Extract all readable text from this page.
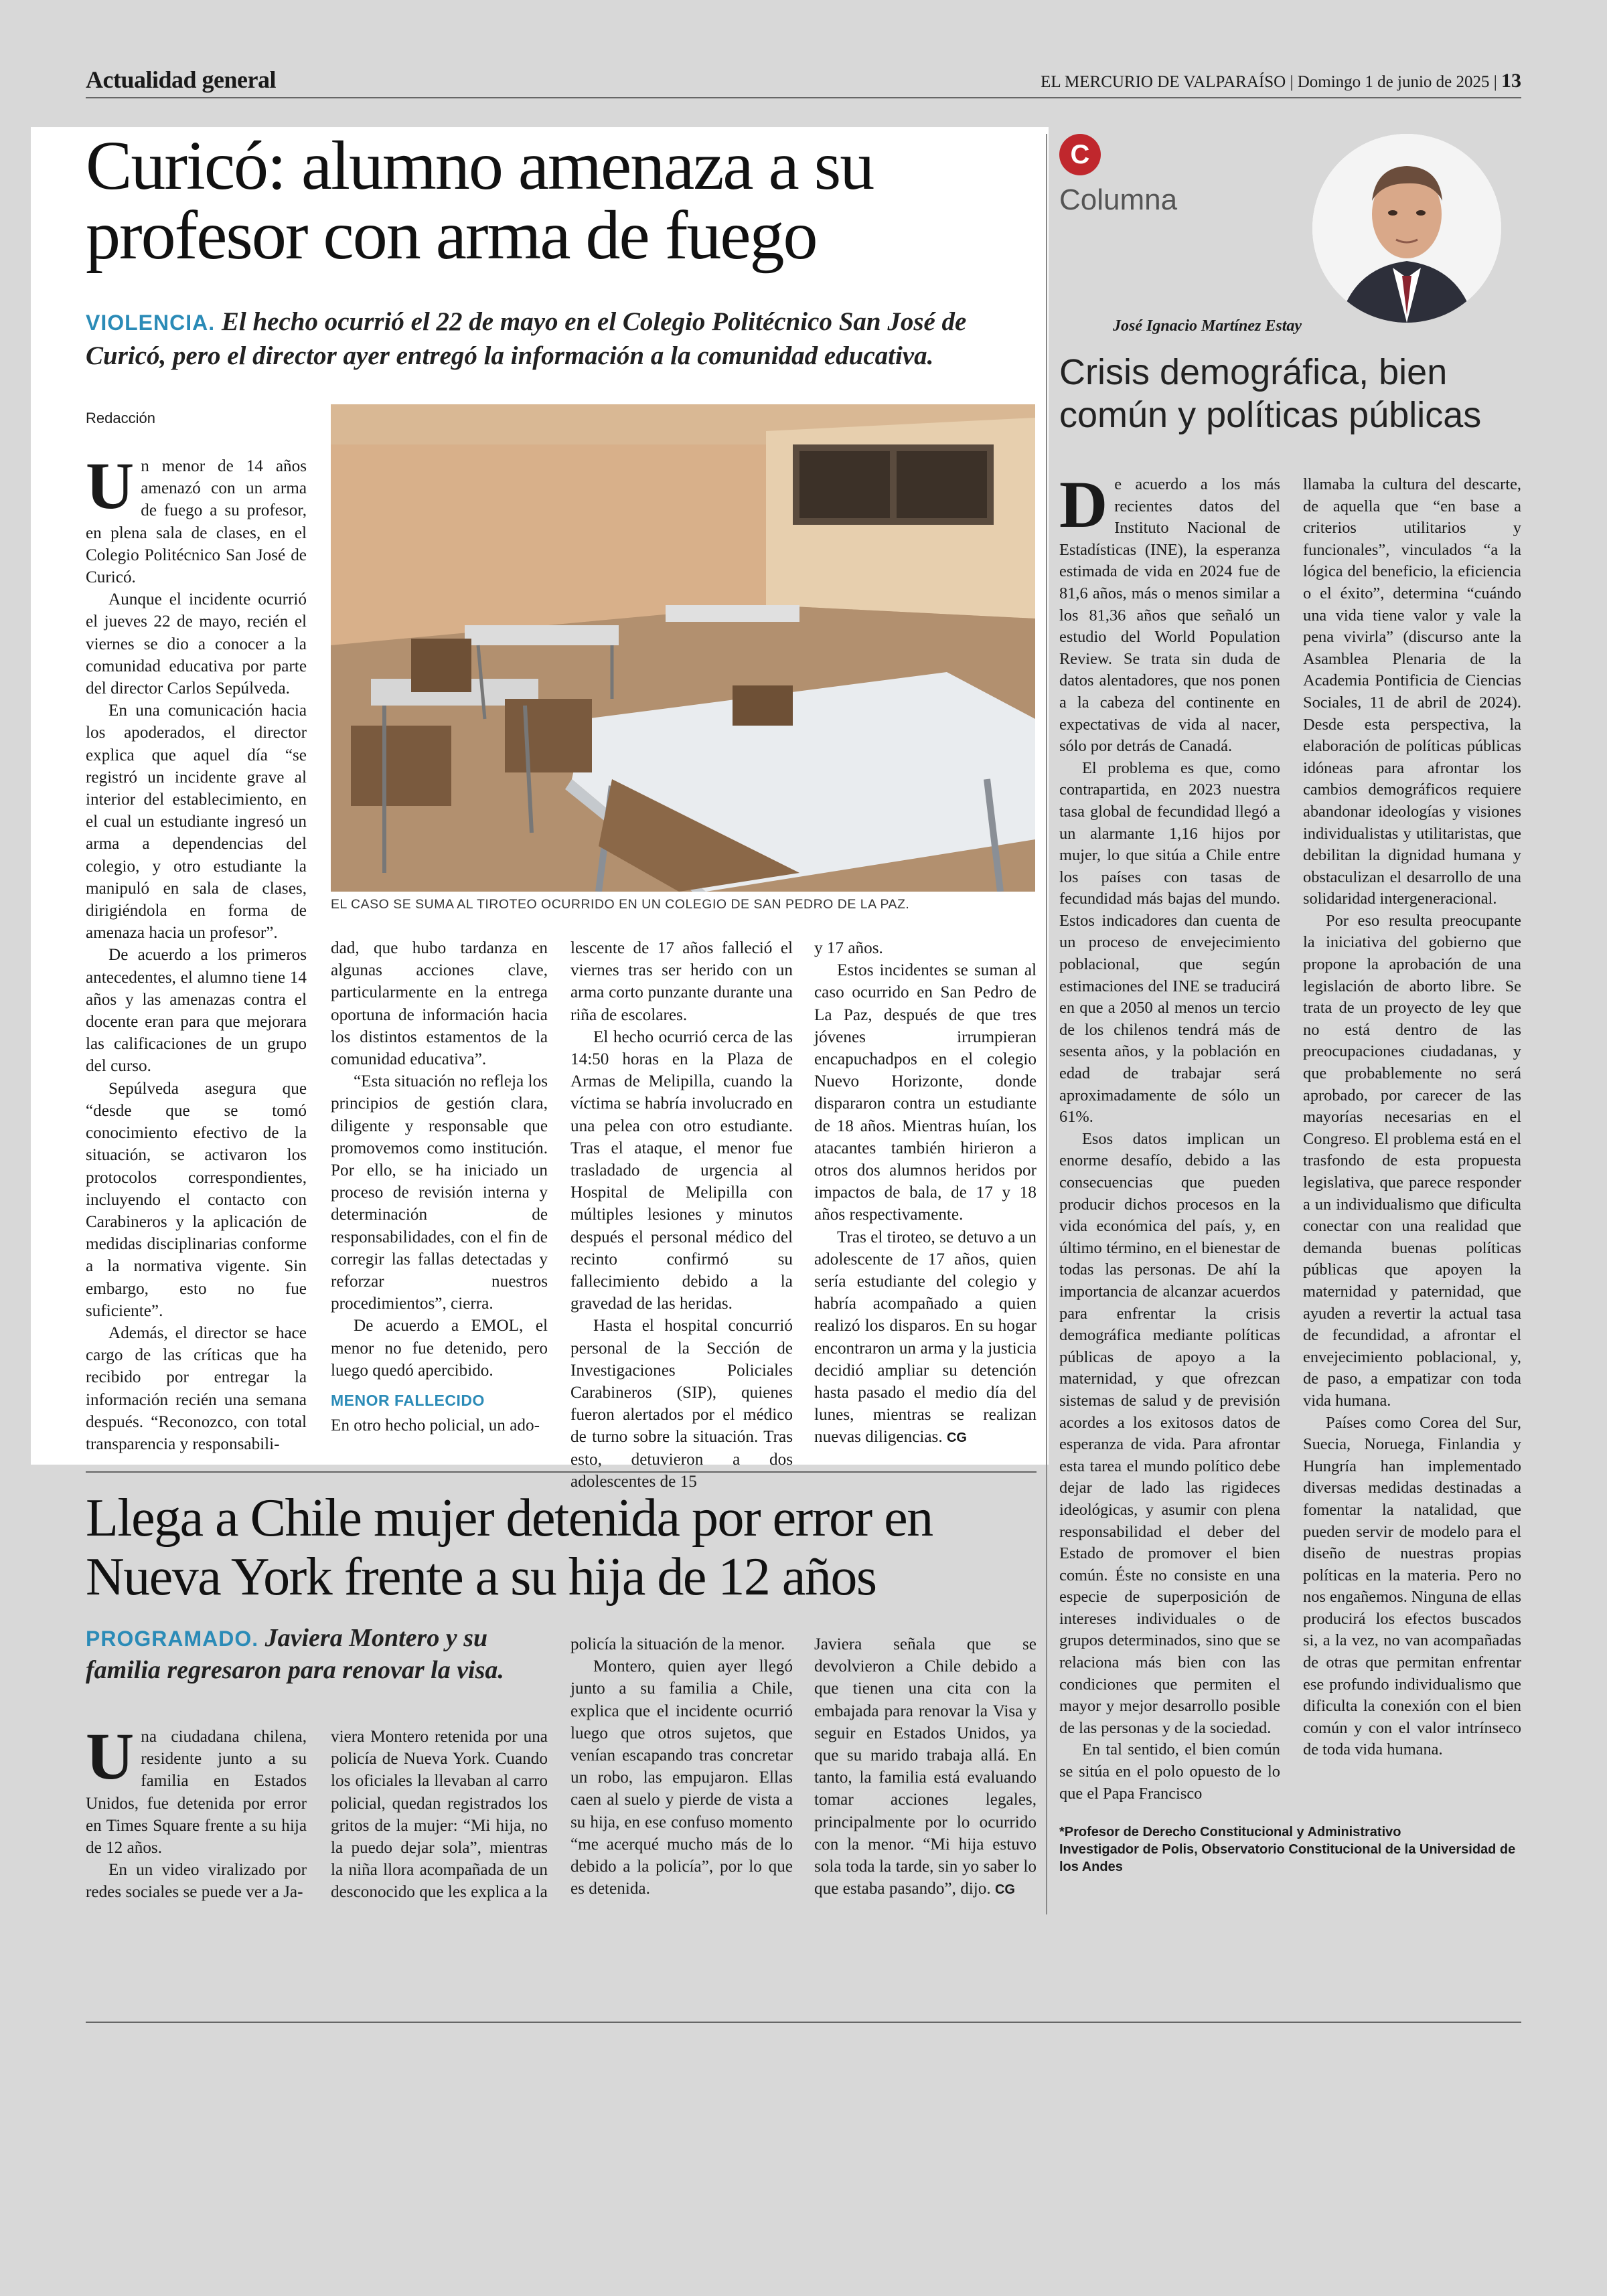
Actualidad general	EL MERCURIO DE VALPARAÍSO | Domingo 1 de junio de 2025 | 13
Curicó: alumno amenaza a su profesor con arma de fuego
VIOLENCIA. El hecho ocurrió el 22 de mayo en el Colegio Politécnico San José de Curicó, pero el director ayer entregó la información a la comunidad educativa.
Redacción
EL CASO SE SUMA AL TIROTEO OCURRIDO EN UN COLEGIO DE SAN PEDRO DE LA PAZ.

Un menor de 14 años amenazó con un arma de fuego a su profesor, en plena sala de clases, en el Colegio Politécnico San José de Curicó.

Aunque el incidente ocurrió el jueves 22 de mayo, recién el viernes se dio a conocer a la comunidad educativa por parte del director Carlos Sepúlveda.

En una comunicación hacia los apoderados, el director explica que aquel día “se registró un incidente grave al interior del establecimiento, en el cual un estudiante ingresó un arma a dependencias del colegio, y otro estudiante la manipuló en sala de clases, dirigiéndola en forma de amenaza hacia un profesor”.

De acuerdo a los primeros antecedentes, el alumno tiene 14 años y las amenazas contra el docente eran para que mejorara las calificaciones de un grupo del curso.

Sepúlveda asegura que “desde que se tomó conocimiento efectivo de la situación, se activaron los protocolos correspondientes, incluyendo el contacto con Carabineros y la aplicación de medidas disciplinarias conforme a la normativa vigente. Sin embargo, esto no fue suficiente”.

Además, el director se hace cargo de las críticas que ha recibido por entregar la información recién una semana después. “Reconozco, con total transparencia y responsabili-

dad, que hubo tardanza en algunas acciones clave, particularmente en la entrega oportuna de información hacia los distintos estamentos de la comunidad educativa”.

“Esta situación no refleja los principios de gestión clara, diligente y responsable que promovemos como institución. Por ello, se ha iniciado un proceso de revisión interna y determinación de responsabilidades, con el fin de corregir las fallas detectadas y reforzar nuestros procedimientos”, cierra.

De acuerdo a EMOL, el menor no fue detenido, pero luego quedó apercibido.

MENOR FALLECIDO

En otro hecho policial, un ado-

lescente de 17 años falleció el viernes tras ser herido con un arma corto punzante durante una riña de escolares.

El hecho ocurrió cerca de las 14:50 horas en la Plaza de Armas de Melipilla, cuando la víctima se habría involucrado en una pelea con otro estudiante. Tras el ataque, el menor fue trasladado de urgencia al Hospital de Melipilla con múltiples lesiones y minutos después el personal médico del recinto confirmó su fallecimiento debido a la gravedad de las heridas.

Hasta el hospital concurrió personal de la Sección de Investigaciones Policiales Carabineros (SIP), quienes fueron alertados por el médico de turno sobre la situación. Tras esto, detuvieron a dos adolescentes de 15

y 17 años.

Estos incidentes se suman al caso ocurrido en San Pedro de La Paz, después de que tres jóvenes irrumpieran encapuchadpos en el colegio Nuevo Horizonte, donde dispararon contra un estudiante de 18 años. Mientras huían, los atacantes también hirieron a otros dos alumnos heridos por impactos de bala, de 17 y 18 años respectivamente.

Tras el tiroteo, se detuvo a un adolescente de 17 años, quien sería estudiante del colegio y habría acompañado a quien realizó los disparos. En su hogar encontraron un arma y la justicia decidió ampliar su detención hasta pasado el medio día del lunes, mientras se realizan nuevas diligencias. CG

Llega a Chile mujer detenida por error en Nueva York frente a su hija de 12 años
PROGRAMADO. Javiera Montero y su familia regresaron para renovar la visa.

Una ciudadana chilena, residente junto a su familia en Estados Unidos, fue detenida por error en Times Square frente a su hija de 12 años.

En un video viralizado por redes sociales se puede ver a Ja-

viera Montero retenida por una policía de Nueva York. Cuando los oficiales la llevaban al carro policial, quedan registrados los gritos de la mujer: “Mi hija, no la puedo dejar sola”, mientras la niña llora acompañada de un desconocido que les explica a la

policía la situación de la menor.

Montero, quien ayer llegó junto a su familia a Chile, explica que el incidente ocurrió luego que otros sujetos, que venían escapando tras concretar un robo, las empujaron. Ellas caen al suelo y pierde de vista a su hija, en ese confuso momento “me acerqué mucho más de lo debido a la policía”, por lo que es detenida.

Javiera señala que se devolvieron a Chile debido a que tienen una cita con la embajada para renovar la Visa y seguir en Estados Unidos, ya que su marido trabaja allá. En tanto, la familia está evaluando tomar acciones legales, principalmente por lo ocurrido con la menor. “Mi hija estuvo sola toda la tarde, sin yo saber lo que estaba pasando”, dijo. CG

C
Columna
José Ignacio Martínez Estay
Crisis demográfica, bien común y políticas públicas

De acuerdo a los más recientes datos del Instituto Nacional de Estadísticas (INE), la esperanza estimada de vida en 2024 fue de 81,6 años, más o menos similar a los 81,36 años que señaló un estudio del World Population Review. Se trata sin duda de datos alentadores, que nos ponen a la cabeza del continente en expectativas de vida al nacer, sólo por detrás de Canadá.

El problema es que, como contrapartida, en 2023 nuestra tasa global de fecundidad llegó a un alarmante 1,16 hijos por mujer, lo que sitúa a Chile entre los países con tasas de fecundidad más bajas del mundo. Estos indicadores dan cuenta de un proceso de envejecimiento poblacional, que según estimaciones del INE se traducirá en que a 2050 al menos un tercio de los chilenos tendrá más de sesenta años, y la población en edad de trabajar será aproximadamente de sólo un 61%.

Esos datos implican un enorme desafío, debido a las consecuencias que pueden producir dichos procesos en la vida económica del país, y, en último término, en el bienestar de todas las personas. De ahí la importancia de alcanzar acuerdos para enfrentar la crisis demográfica mediante políticas públicas de apoyo a la maternidad, y que ofrezcan sistemas de salud y de previsión acordes a los exitosos datos de esperanza de vida. Para afrontar esta tarea el mundo político debe dejar de lado las rigideces ideológicas, y asumir con plena responsabilidad el deber del Estado de promover el bien común. Éste no consiste en una especie de superposición de intereses individuales o de grupos determinados, sino que se relaciona más bien con las condiciones que permiten el mayor y mejor desarrollo posible de las personas y de la sociedad.

En tal sentido, el bien común se sitúa en el polo opuesto de lo que el Papa Francisco

llamaba la cultura del descarte, de aquella que “en base a criterios utilitarios y funcionales”, vinculados “a la lógica del beneficio, la eficiencia o el éxito”, determina “cuándo una vida tiene valor y vale la pena vivirla” (discurso ante la Asamblea Plenaria de la Academia Pontificia de Ciencias Sociales, 11 de abril de 2024). Desde esta perspectiva, la elaboración de políticas públicas idóneas para afrontar los cambios demográficos requiere abandonar ideologías y visiones individualistas y utilitaristas, que debilitan la dignidad humana y obstaculizan el desarrollo de una solidaridad intergeneracional.

Por eso resulta preocupante la iniciativa del gobierno que propone la aprobación de una legislación de aborto libre. Se trata de un proyecto de ley que no está dentro de las preocupaciones ciudadanas, y que probablemente no será aprobado, por carecer de las mayorías necesarias en el Congreso. El problema está en el trasfondo de esta propuesta legislativa, que parece responder a un individualismo que dificulta conectar con una realidad que demanda buenas políticas públicas que apoyen la maternidad y paternidad, que ayuden a revertir la actual tasa de fecundidad, a afrontar el envejecimiento poblacional, y, de paso, a empatizar con toda vida humana.

Países como Corea del Sur, Suecia, Noruega, Finlandia y Hungría han implementado diversas medidas destinadas a fomentar la natalidad, que pueden servir de modelo para el diseño de nuestras propias políticas en la materia. Pero no nos engañemos. Ninguna de ellas producirá los efectos buscados si, a la vez, no van acompañadas de otras que permitan enfrentar ese profundo individualismo que dificulta la conexión con el bien común y con el valor intrínseco de toda vida humana.

*Profesor de Derecho Constitucional y Administrativo
Investigador de Polis, Observatorio Constitucional de la Universidad de los Andes
